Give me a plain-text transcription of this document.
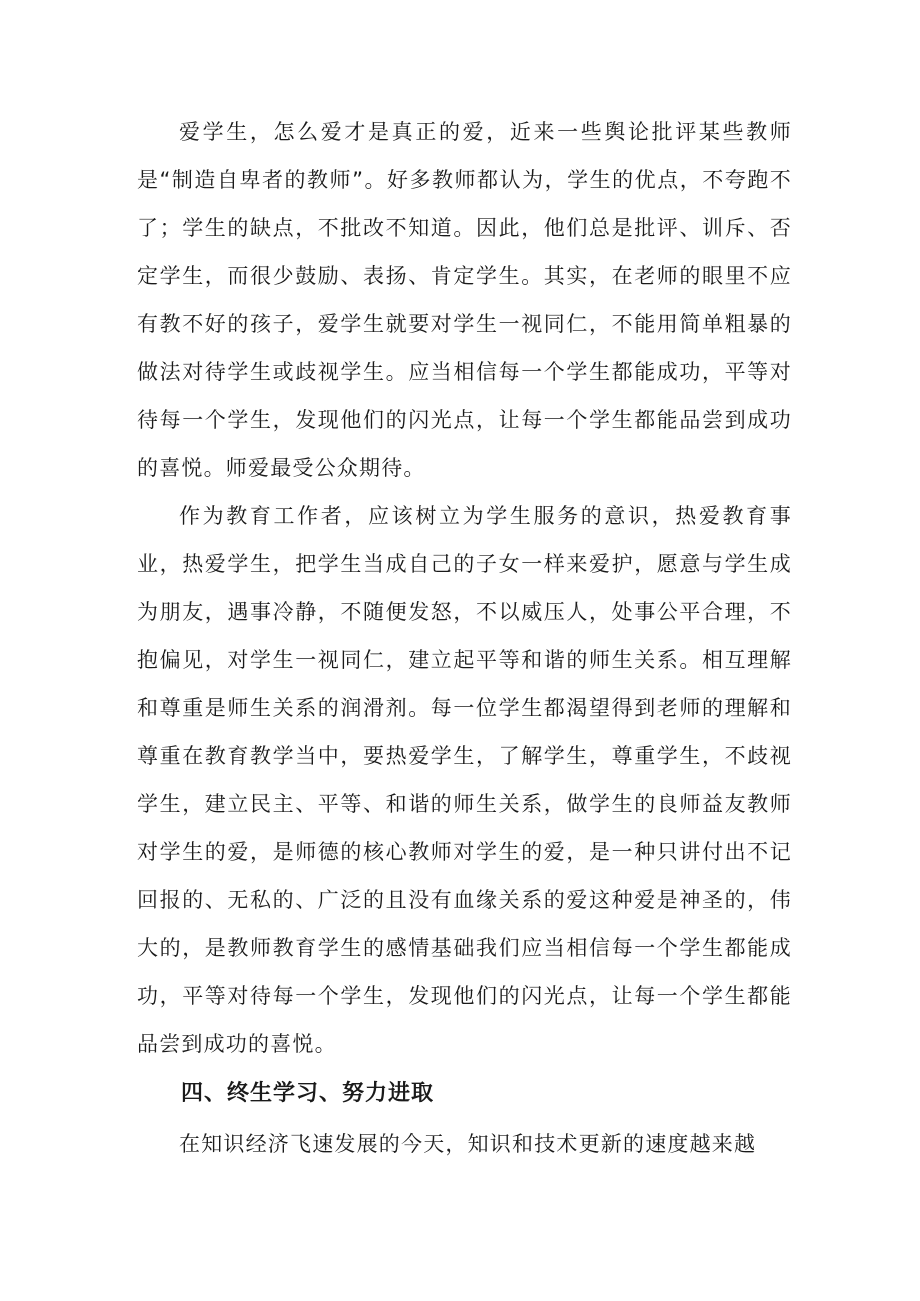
爱学生，怎么爱才是真正的爱，近来一些舆论批评某些教师是“制造自卑者的教师”。好多教师都认为，学生的优点，不夸跑不了；学生的缺点，不批改不知道。因此，他们总是批评、训斥、否定学生，而很少鼓励、表扬、肯定学生。其实，在老师的眼里不应有教不好的孩子，爱学生就要对学生一视同仁，不能用简单粗暴的做法对待学生或歧视学生。应当相信每一个学生都能成功，平等对待每一个学生，发现他们的闪光点，让每一个学生都能品尝到成功的喜悦。师爱最受公众期待。

作为教育工作者，应该树立为学生服务的意识，热爱教育事业，热爱学生，把学生当成自己的子女一样来爱护，愿意与学生成为朋友，遇事冷静，不随便发怒，不以威压人，处事公平合理，不抱偏见，对学生一视同仁，建立起平等和谐的师生关系。相互理解和尊重是师生关系的润滑剂。每一位学生都渴望得到老师的理解和尊重在教育教学当中，要热爱学生，了解学生，尊重学生，不歧视学生，建立民主、平等、和谐的师生关系，做学生的良师益友教师对学生的爱，是师德的核心教师对学生的爱，是一种只讲付出不记回报的、无私的、广泛的且没有血缘关系的爱这种爱是神圣的，伟大的，是教师教育学生的感情基础我们应当相信每一个学生都能成功，平等对待每一个学生，发现他们的闪光点，让每一个学生都能品尝到成功的喜悦。

四、终生学习、努力进取

在知识经济飞速发展的今天，知识和技术更新的速度越来越
